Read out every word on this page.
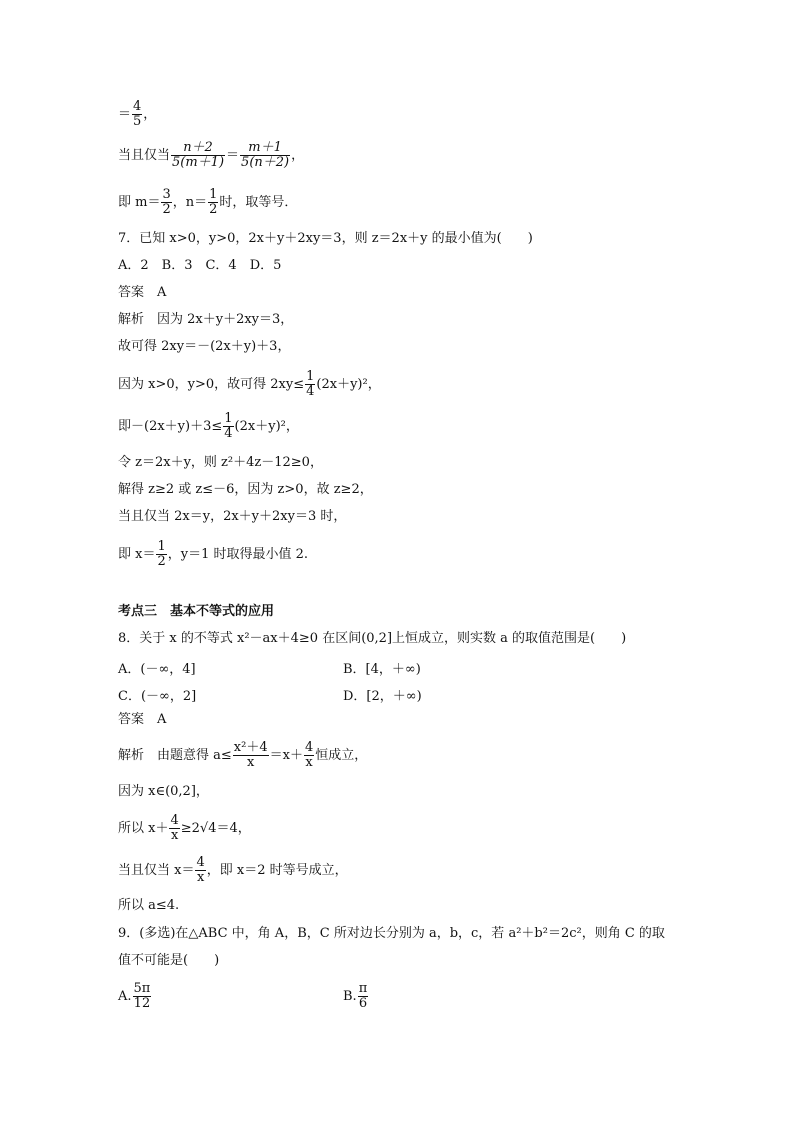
＝ $\frac{4}{5}$ ，
当且仅当 $\frac{n+2}{5(m+1)} = \frac{m+1}{5(n+2)}$ ，
即 $m= \frac{3}{2}$ ，$n= \frac{1}{2}$ 时，取等号．
7．已知 x>0，y>0，2x＋y＋2xy＝3，则 z＝2x＋y 的最小值为(　　)
A．2　B．3　C．4　D．5
答案　A
解析　因为 2x＋y＋2xy＝3，
故可得 2xy＝－(2x＋y)＋3，
因为 x>0，y>0，故可得 $2xy\le \frac{1}{4} (2x+y)^2$，
即$-(2x+y)+3\le \frac{1}{4} (2x+y)^2$，
令 z＝2x＋y，则 z²＋4z－12≥0，
解得 z≥2 或 z≤－6，因为 z>0，故 z≥2，
当且仅当 2x＝y，2x＋y＋2xy＝3 时，
即 $x= \frac{1}{2}$ ，y＝1 时取得最小值 2.
考点三　基本不等式的应用
8．关于 x 的不等式 x²－ax＋4≥0 在区间(0,2]上恒成立，则实数 a 的取值范围是(　　)
A．(－∞，4]	B．[4，＋∞)
C．(－∞，2]	D．[2，＋∞)
答案　A
解析　由题意得 $a\le \frac{\text{x²＋4}}{x} =x+ \frac{4}{x}$ 恒成立，
因为 x∈(0,2]，
所以 $x+ \frac{4}{x} \ge 2√4=4$，
当且仅当 $x= \frac{4}{x}$ ，即 x＝2 时等号成立，
所以 a≤4.
9．(多选)在△ABC 中，角 A，B，C 所对边长分别为 a，b，c，若 a²＋b²＝2c²，则角 C 的取
值不可能是(　　)
A. $\frac{5\pi}{12}$	B. $\frac{\pi}{6}$
